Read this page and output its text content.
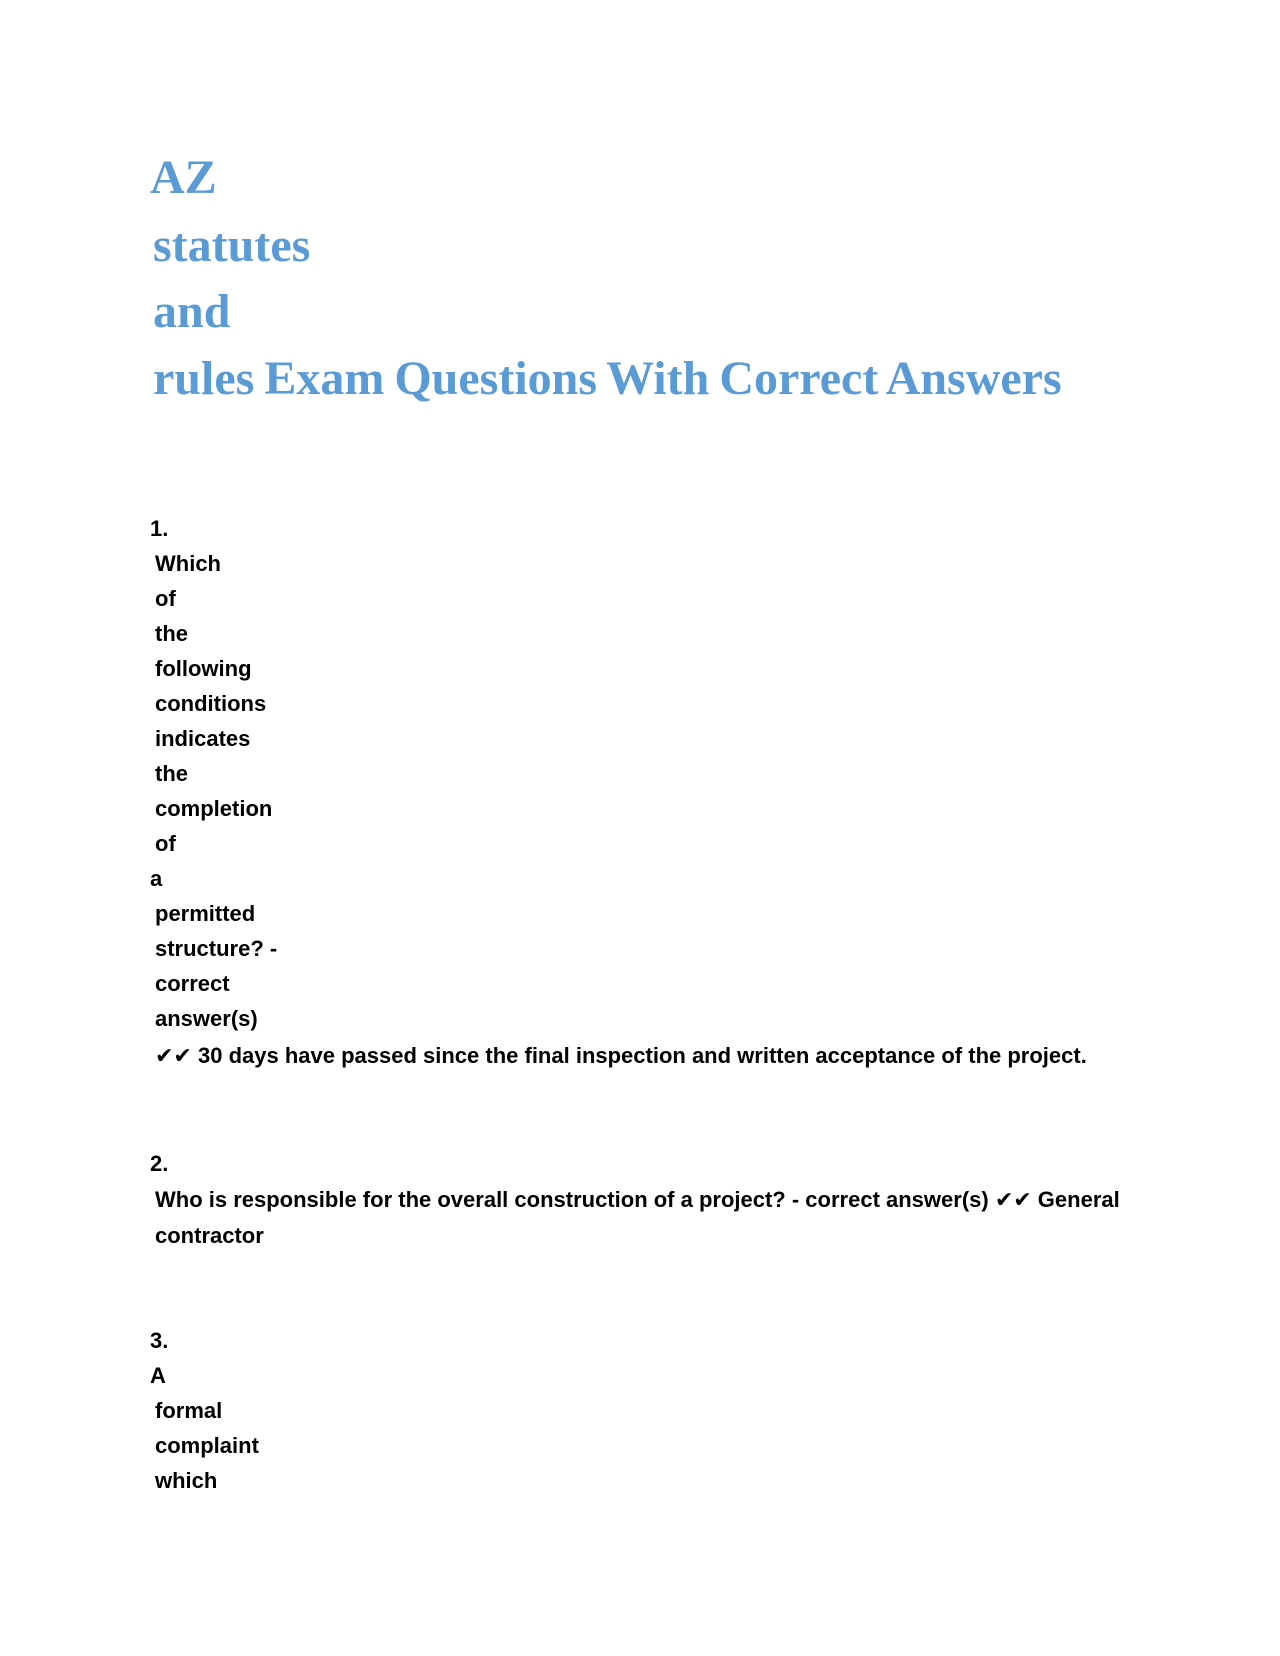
AZ
statutes
and
rules Exam Questions With Correct Answers
1.
Which
of
the
following
conditions
indicates
the
completion
of
a
permitted
structure? -
correct
answer(s)
✔✔ 30 days have passed since the final inspection and written acceptance of the project.
2.
Who is responsible for the overall construction of a project? - correct answer(s) ✔✔ General contractor
3.
A
formal
complaint
which
